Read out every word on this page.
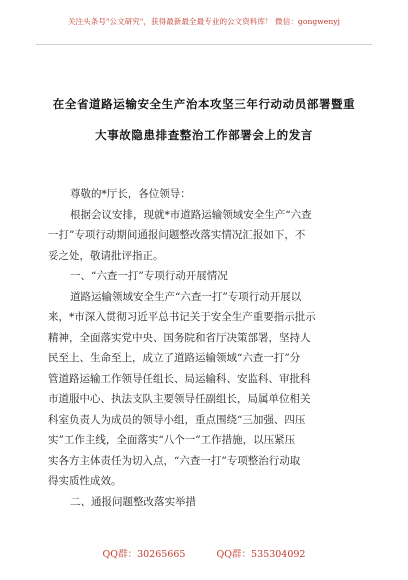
关注头条号"公文研究"，获得最新最全最专业的公文资料库！ 微信：gongwenyj
在全省道路运输安全生产治本攻坚三年行动动员部署暨重
大事故隐患排查整治工作部署会上的发言
尊敬的*厅长，各位领导：
根据会议安排，现就*市道路运输领域安全生产“六查
一打”专项行动期间通报问题整改落实情况汇报如下，不
妥之处，敬请批评指正。
一、“六查一打”专项行动开展情况
道路运输领域安全生产“六查一打”专项行动开展以
来，*市深入贯彻习近平总书记关于安全生产重要指示批示
精神，全面落实党中央、国务院和省厅决策部署，坚持人
民至上、生命至上，成立了道路运输领域“六查一打”分
管道路运输工作领导任组长、局运输科、安监科、审批科
市道服中心、执法支队主要领导任副组长，局属单位相关
科室负责人为成员的领导小组，重点围绕“三加强、四压
实”工作主线，全面落实“八个一”工作措施，以压紧压
实各方主体责任为切入点，“六查一打”专项整治行动取
得实质性成效。
二、通报问题整改落实举措
QQ群：30265665	QQ群：535304092
